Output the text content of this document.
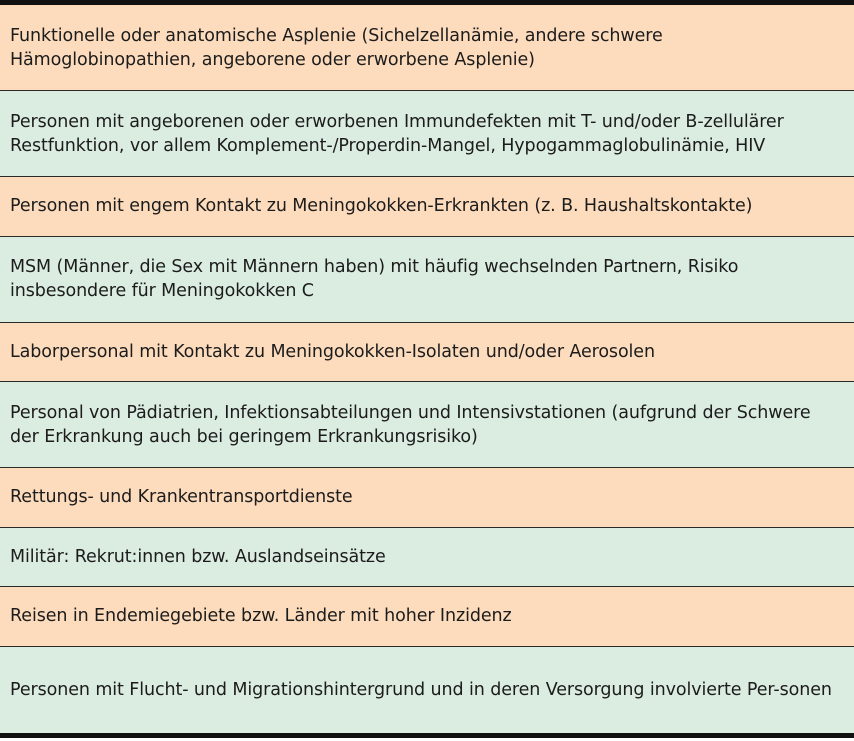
Funktionelle oder anatomische Asplenie (Sichelzellanämie, andere schwere Hämoglobinopathien, angeborene oder erworbene Asplenie)
Personen mit angeborenen oder erworbenen Immundefekten mit T- und/oder B-zellulärer Restfunktion, vor allem Komplement-/Properdin-Mangel, Hypogammaglobulinämie, HIV
Personen mit engem Kontakt zu Meningokokken-Erkrankten (z. B. Haushaltskontakte)
MSM (Männer, die Sex mit Männern haben) mit häufig wechselnden Partnern, Risiko insbesondere für Meningokokken C
Laborpersonal mit Kontakt zu Meningokokken-Isolaten und/oder Aerosolen
Personal von Pädiatrien, Infektionsabteilungen und Intensivstationen (aufgrund der Schwere der Erkrankung auch bei geringem Erkrankungsrisiko)
Rettungs- und Krankentransportdienste
Militär: Rekrut:innen bzw. Auslandseinsätze
Reisen in Endemiegebiete bzw. Länder mit hoher Inzidenz
Personen mit Flucht- und Migrationshintergrund und in deren Versorgung involvierte Per-sonen
